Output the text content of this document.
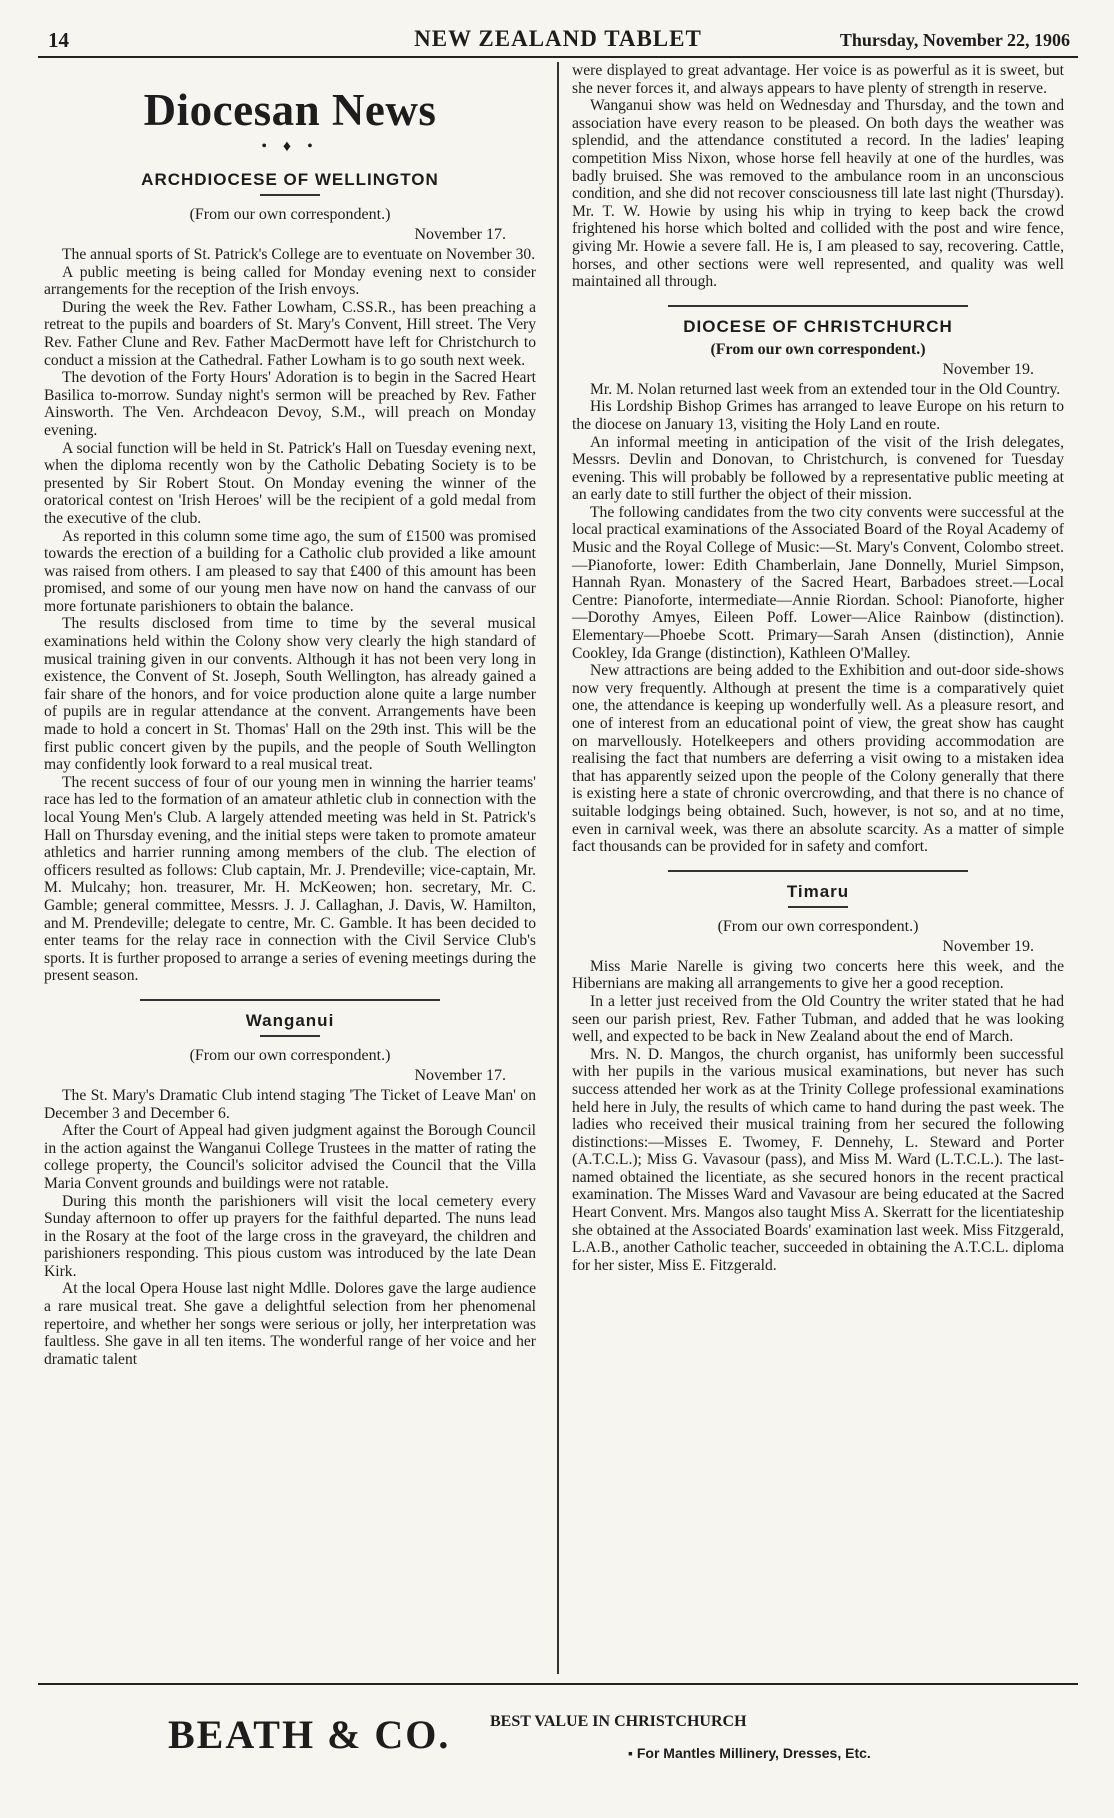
14	NEW ZEALAND TABLET	Thursday, November 22, 1906
Diocesan News
• ♦ •
ARCHDIOCESE OF WELLINGTON
(From our own correspondent.)
November 17.

The annual sports of St. Patrick's College are to eventuate on November 30.

A public meeting is being called for Monday evening next to consider arrangements for the reception of the Irish envoys.

During the week the Rev. Father Lowham, C.SS.R., has been preaching a retreat to the pupils and boarders of St. Mary's Convent, Hill street. The Very Rev. Father Clune and Rev. Father MacDermott have left for Christchurch to conduct a mission at the Cathedral. Father Lowham is to go south next week.

The devotion of the Forty Hours' Adoration is to begin in the Sacred Heart Basilica to-morrow. Sunday night's sermon will be preached by Rev. Father Ainsworth. The Ven. Archdeacon Devoy, S.M., will preach on Monday evening.

A social function will be held in St. Patrick's Hall on Tuesday evening next, when the diploma recently won by the Catholic Debating Society is to be presented by Sir Robert Stout. On Monday evening the winner of the oratorical contest on 'Irish Heroes' will be the recipient of a gold medal from the executive of the club.

As reported in this column some time ago, the sum of £1500 was promised towards the erection of a building for a Catholic club provided a like amount was raised from others. I am pleased to say that £400 of this amount has been promised, and some of our young men have now on hand the canvass of our more fortunate parishioners to obtain the balance.

The results disclosed from time to time by the several musical examinations held within the Colony show very clearly the high standard of musical training given in our convents. Although it has not been very long in existence, the Convent of St. Joseph, South Wellington, has already gained a fair share of the honors, and for voice production alone quite a large number of pupils are in regular attendance at the convent. Arrangements have been made to hold a concert in St. Thomas' Hall on the 29th inst. This will be the first public concert given by the pupils, and the people of South Wellington may confidently look forward to a real musical treat.

The recent success of four of our young men in winning the harrier teams' race has led to the formation of an amateur athletic club in connection with the local Young Men's Club. A largely attended meeting was held in St. Patrick's Hall on Thursday evening, and the initial steps were taken to promote amateur athletics and harrier running among members of the club. The election of officers resulted as follows: Club captain, Mr. J. Prendeville; vice-captain, Mr. M. Mulcahy; hon. treasurer, Mr. H. McKeowen; hon. secretary, Mr. C. Gamble; general committee, Messrs. J. J. Callaghan, J. Davis, W. Hamilton, and M. Prendeville; delegate to centre, Mr. C. Gamble. It has been decided to enter teams for the relay race in connection with the Civil Service Club's sports. It is further proposed to arrange a series of evening meetings during the present season.

Wanganui
(From our own correspondent.)
November 17.

The St. Mary's Dramatic Club intend staging 'The Ticket of Leave Man' on December 3 and December 6.

After the Court of Appeal had given judgment against the Borough Council in the action against the Wanganui College Trustees in the matter of rating the college property, the Council's solicitor advised the Council that the Villa Maria Convent grounds and buildings were not ratable.

During this month the parishioners will visit the local cemetery every Sunday afternoon to offer up prayers for the faithful departed. The nuns lead in the Rosary at the foot of the large cross in the graveyard, the children and parishioners responding. This pious custom was introduced by the late Dean Kirk.

At the local Opera House last night Mdlle. Dolores gave the large audience a rare musical treat. She gave a delightful selection from her phenomenal repertoire, and whether her songs were serious or jolly, her interpretation was faultless. She gave in all ten items. The wonderful range of her voice and her dramatic talent

were displayed to great advantage. Her voice is as powerful as it is sweet, but she never forces it, and always appears to have plenty of strength in reserve.

Wanganui show was held on Wednesday and Thursday, and the town and association have every reason to be pleased. On both days the weather was splendid, and the attendance constituted a record. In the ladies' leaping competition Miss Nixon, whose horse fell heavily at one of the hurdles, was badly bruised. She was removed to the ambulance room in an unconscious condition, and she did not recover consciousness till late last night (Thursday). Mr. T. W. Howie by using his whip in trying to keep back the crowd frightened his horse which bolted and collided with the post and wire fence, giving Mr. Howie a severe fall. He is, I am pleased to say, recovering. Cattle, horses, and other sections were well represented, and quality was well maintained all through.

DIOCESE OF CHRISTCHURCH
(From our own correspondent.)
November 19.

Mr. M. Nolan returned last week from an extended tour in the Old Country.

His Lordship Bishop Grimes has arranged to leave Europe on his return to the diocese on January 13, visiting the Holy Land en route.

An informal meeting in anticipation of the visit of the Irish delegates, Messrs. Devlin and Donovan, to Christchurch, is convened for Tuesday evening. This will probably be followed by a representative public meeting at an early date to still further the object of their mission.

The following candidates from the two city convents were successful at the local practical examinations of the Associated Board of the Royal Academy of Music and the Royal College of Music:—St. Mary's Convent, Colombo street.—Pianoforte, lower: Edith Chamberlain, Jane Donnelly, Muriel Simpson, Hannah Ryan. Monastery of the Sacred Heart, Barbadoes street.—Local Centre: Pianoforte, intermediate—Annie Riordan. School: Pianoforte, higher—Dorothy Amyes, Eileen Poff. Lower—Alice Rainbow (distinction). Elementary—Phoebe Scott. Primary—Sarah Ansen (distinction), Annie Cookley, Ida Grange (distinction), Kathleen O'Malley.

New attractions are being added to the Exhibition and out-door side-shows now very frequently. Although at present the time is a comparatively quiet one, the attendance is keeping up wonderfully well. As a pleasure resort, and one of interest from an educational point of view, the great show has caught on marvellously. Hotelkeepers and others providing accommodation are realising the fact that numbers are deferring a visit owing to a mistaken idea that has apparently seized upon the people of the Colony generally that there is existing here a state of chronic overcrowding, and that there is no chance of suitable lodgings being obtained. Such, however, is not so, and at no time, even in carnival week, was there an absolute scarcity. As a matter of simple fact thousands can be provided for in safety and comfort.

Timaru
(From our own correspondent.)
November 19.

Miss Marie Narelle is giving two concerts here this week, and the Hibernians are making all arrangements to give her a good reception.

In a letter just received from the Old Country the writer stated that he had seen our parish priest, Rev. Father Tubman, and added that he was looking well, and expected to be back in New Zealand about the end of March.

Mrs. N. D. Mangos, the church organist, has uniformly been successful with her pupils in the various musical examinations, but never has such success attended her work as at the Trinity College professional examinations held here in July, the results of which came to hand during the past week. The ladies who received their musical training from her secured the following distinctions:—Misses E. Twomey, F. Dennehy, L. Steward and Porter (A.T.C.L.); Miss G. Vavasour (pass), and Miss M. Ward (L.T.C.L.). The last-named obtained the licentiate, as she secured honors in the recent practical examination. The Misses Ward and Vavasour are being educated at the Sacred Heart Convent. Mrs. Mangos also taught Miss A. Skerratt for the licentiateship she obtained at the Associated Boards' examination last week. Miss Fitzgerald, L.A.B., another Catholic teacher, succeeded in obtaining the A.T.C.L. diploma for her sister, Miss E. Fitzgerald.

BEATH & CO. BEST VALUE IN CHRISTCHURCH
▪ For Mantles Millinery, Dresses, Etc.
